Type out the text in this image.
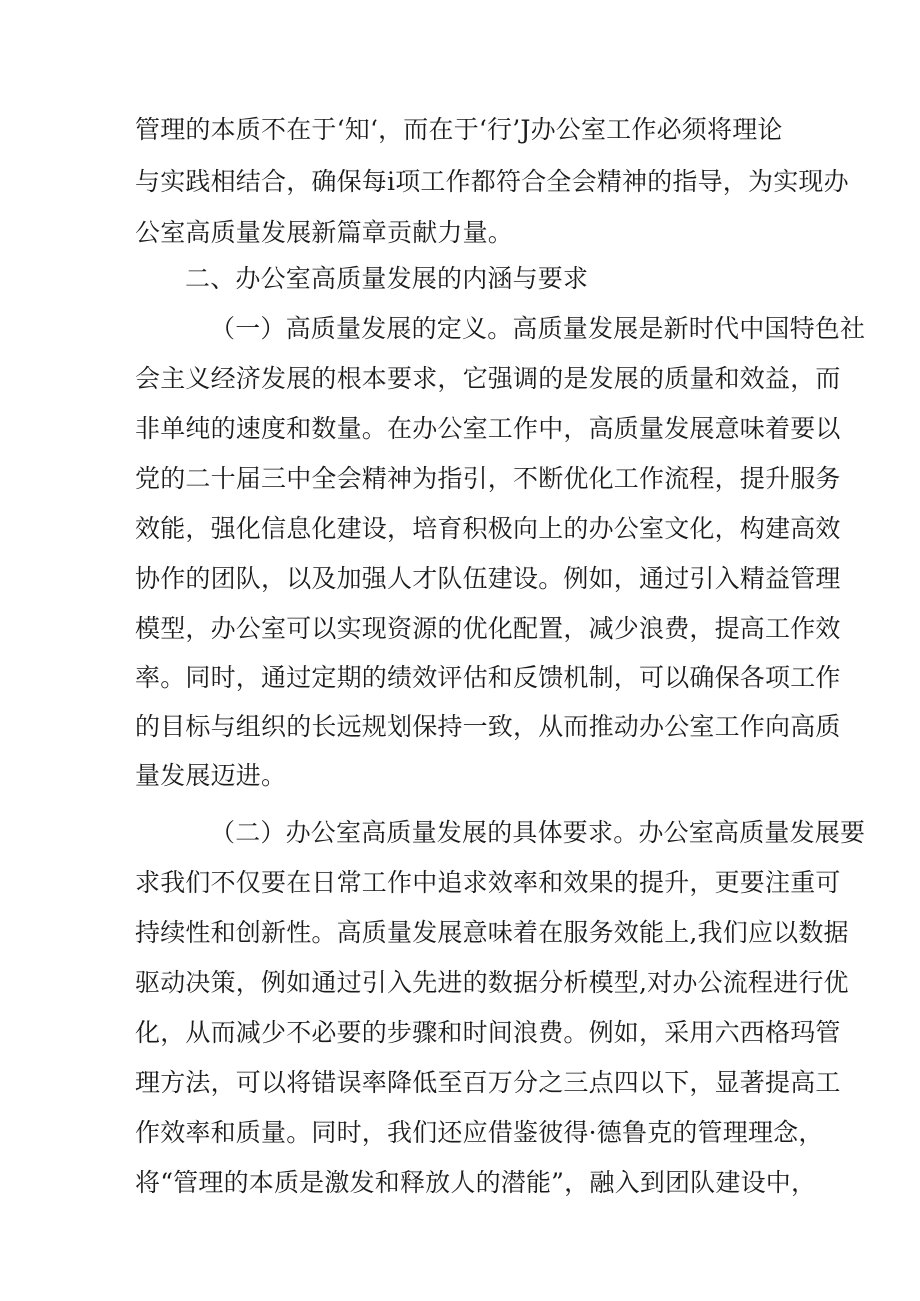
管理的本质不在于‘知‘，而在于‘行’J办公室工作必须将理论
与实践相结合，确保每i项工作都符合全会精神的指导，为实现办
公室高质量发展新篇章贡献力量。
二、办公室高质量发展的内涵与要求
（一）高质量发展的定义。高质量发展是新时代中国特色社
会主义经济发展的根本要求，它强调的是发展的质量和效益，而
非单纯的速度和数量。在办公室工作中，高质量发展意味着要以
党的二十届三中全会精神为指引，不断优化工作流程，提升服务
效能，强化信息化建设，培育积极向上的办公室文化，构建高效
协作的团队，以及加强人才队伍建设。例如，通过引入精益管理
模型，办公室可以实现资源的优化配置，减少浪费，提高工作效
率。同时，通过定期的绩效评估和反馈机制，可以确保各项工作
的目标与组织的长远规划保持一致，从而推动办公室工作向高质
量发展迈进。
（二）办公室高质量发展的具体要求。办公室高质量发展要
求我们不仅要在日常工作中追求效率和效果的提升，更要注重可
持续性和创新性。高质量发展意味着在服务效能上,我们应以数据
驱动决策，例如通过引入先进的数据分析模型,对办公流程进行优
化，从而减少不必要的步骤和时间浪费。例如，采用六西格玛管
理方法，可以将错误率降低至百万分之三点四以下，显著提高工
作效率和质量。同时，我们还应借鉴彼得·德鲁克的管理理念，
将“管理的本质是激发和释放人的潜能”，融入到团队建设中，
